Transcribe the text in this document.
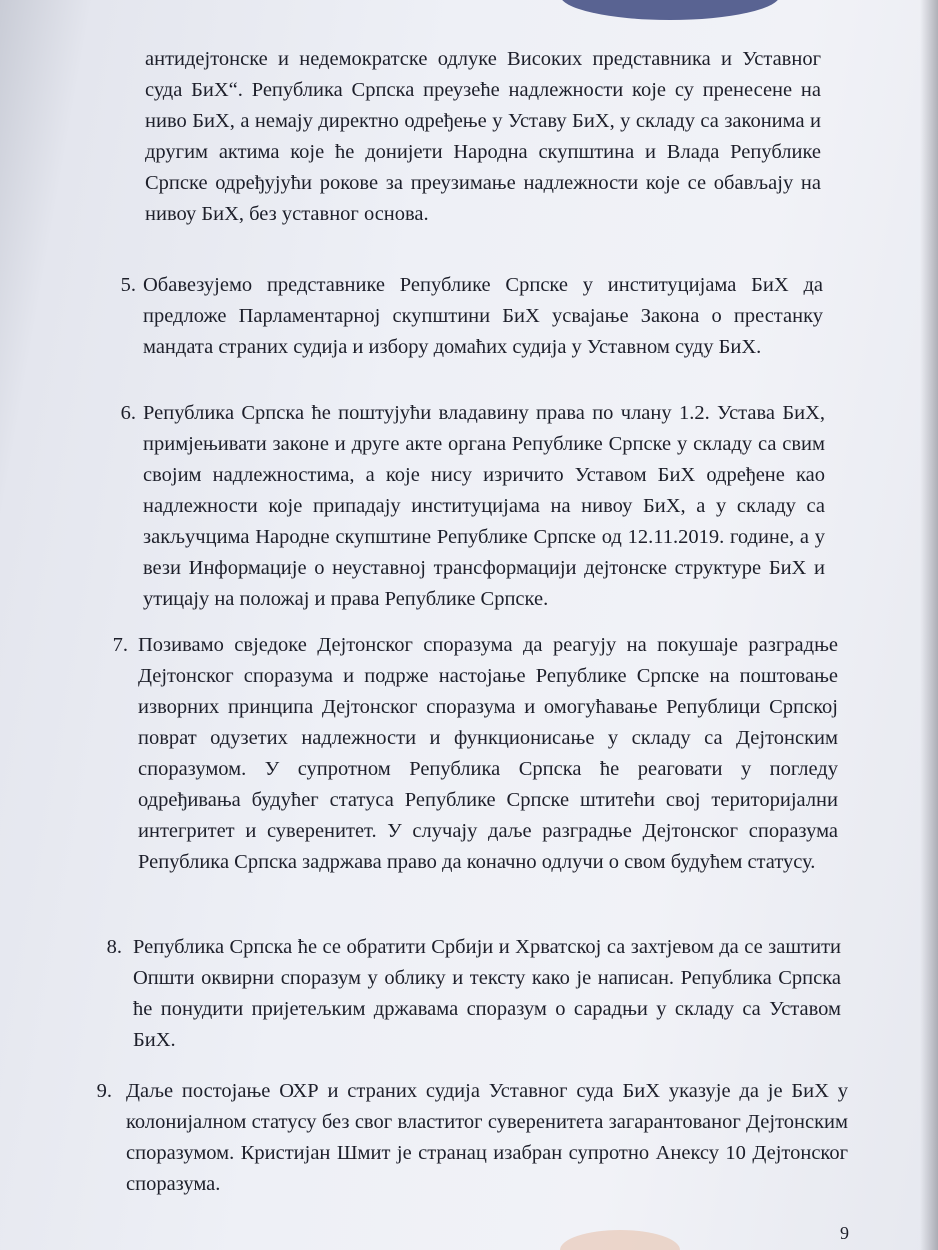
антидејтонске и недемократске одлуке Високих представника и Уставног суда БиХ“. Република Српска преузеће надлежности које су пренесене на ниво БиХ, а немају директно одређење у Уставу БиХ, у складу са законима и другим актима које ће донијети Народна скупштина и Влада Републике Српске одређујући рокове за преузимање надлежности које се обављају на нивоу БиХ, без уставног основа.

5. Обавезујемо представнике Републике Српске у институцијама БиХ да предложе Парламентарној скупштини БиХ усвајање Закона о престанку мандата страних судија и избору домаћих судија у Уставном суду БиХ.

6. Република Српска ће поштујући владавину права по члану 1.2. Устава БиХ, примјењивати законе и друге акте органа Републике Српске у складу са свим својим надлежностима, а које нису изричито Уставом БиХ одређене као надлежности које припадају институцијама на нивоу БиХ, а у складу са закључцима Народне скупштине Републике Српске од 12.11.2019. године, а у вези Информације о неуставној трансформацији дејтонске структуре БиХ и утицају на положај и права Републике Српске.

7. Позивамо свједоке Дејтонског споразума да реагују на покушаје разградње Дејтонског споразума и подрже настојање Републике Српске на поштовање изворних принципа Дејтонског споразума и омогућавање Републици Српској поврат одузетих надлежности и функционисање у складу са Дејтонским споразумом. У супротном Република Српска ће реаговати у погледу одређивања будућег статуса Републике Српске штитећи свој територијални интегритет и суверенитет. У случају даље разградње Дејтонског споразума Република Српска задржава право да коначно одлучи о свом будућем статусу.

8. Република Српска ће се обратити Србији и Хрватској са захтјевом да се заштити Општи оквирни споразум у облику и тексту како је написан. Република Српска ће понудити пријетељким државама споразум о сарадњи у складу са Уставом БиХ.

9. Даље постојање ОХР и страних судија Уставног суда БиХ указује да је БиХ у колонијалном статусу без свог властитог суверенитета загарантованог Дејтонским споразумом. Кристијан Шмит је странац изабран супротно Анексу 10 Дејтонског споразума.

9
